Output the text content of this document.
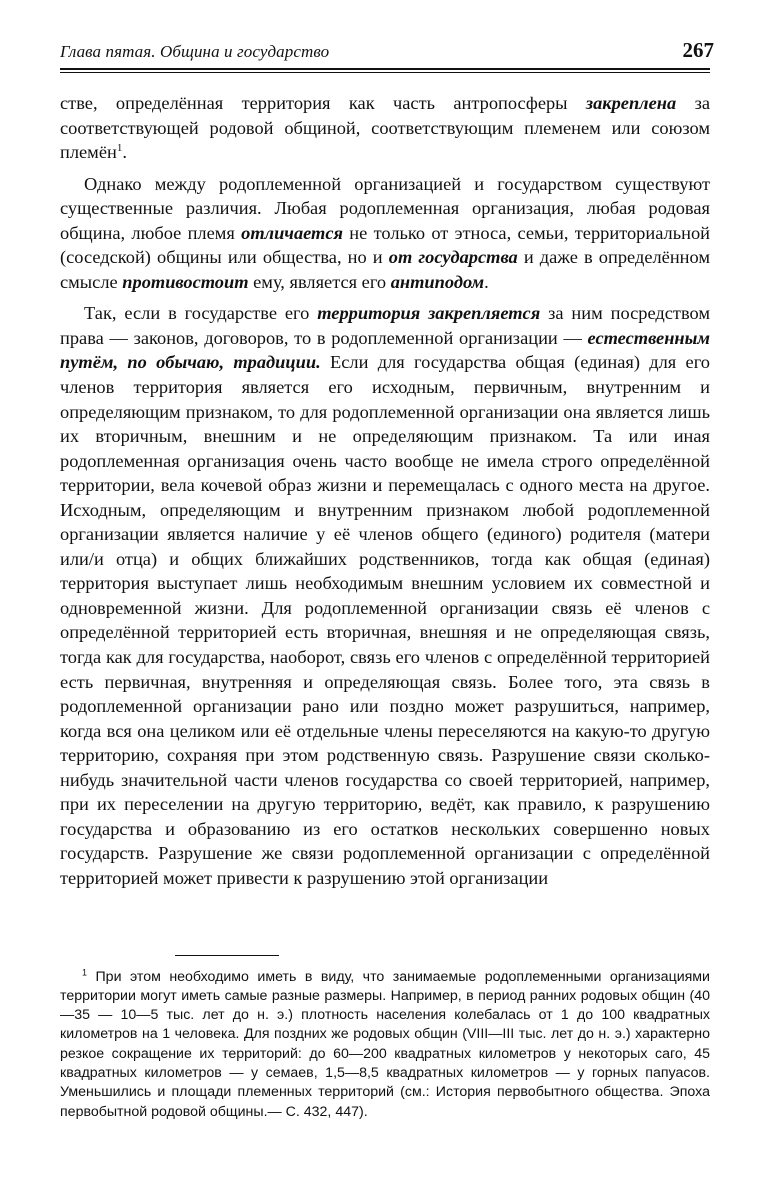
Глава пятая. Община и государство	267

стве, определённая территория как часть антропосферы закреплена за соответствующей родовой общиной, соответствующим племенем или союзом племён$^1$.

Однако между родоплеменной организацией и государством существуют существенные различия. Любая родоплеменная организация, любая родовая община, любое племя отличается не только от этноса, семьи, территориальной (соседской) общины или общества, но и от государства и даже в определённом смысле противостоит ему, является его антиподом.

Так, если в государстве его территория закрепляется за ним посредством права — законов, договоров, то в родоплеменной организации — естественным путём, по обычаю, традиции. Если для государства общая (единая) для его членов территория является его исходным, первичным, внутренним и определяющим признаком, то для родоплеменной организации она является лишь их вторичным, внешним и не определяющим признаком. Та или иная родоплеменная организация очень часто вообще не имела строго определённой территории, вела кочевой образ жизни и перемещалась с одного места на другое. Исходным, определяющим и внутренним признаком любой родоплеменной организации является наличие у её членов общего (единого) родителя (матери или/и отца) и общих ближайших родственников, тогда как общая (единая) территория выступает лишь необходимым внешним условием их совместной и одновременной жизни. Для родоплеменной организации связь её членов с определённой территорией есть вторичная, внешняя и не определяющая связь, тогда как для государства, наоборот, связь его членов с определённой территорией есть первичная, внутренняя и определяющая связь. Более того, эта связь в родоплеменной организации рано или поздно может разрушиться, например, когда вся она целиком или её отдельные члены переселяются на какую-то другую территорию, сохраняя при этом родственную связь. Разрушение связи сколько-нибудь значительной части членов государства со своей территорией, например, при их переселении на другую территорию, ведёт, как правило, к разрушению государства и образованию из его остатков нескольких совершенно новых государств. Разрушение же связи родоплеменной организации с определённой территорией может привести к разрушению этой организации

$^1$ При этом необходимо иметь в виду, что занимаемые родоплеменными организациями территории могут иметь самые разные размеры. Например, в период ранних родовых общин (40—35 — 10—5 тыс. лет до н. э.) плотность населения колебалась от 1 до 100 квадратных километров на 1 человека. Для поздних же родовых общин (VIII—III тыс. лет до н. э.) характерно резкое сокращение их территорий: до 60—200 квадратных километров у некоторых саго, 45 квадратных километров — у семаев, 1,5—8,5 квадратных километров — у горных папуасов. Уменьшились и площади племенных территорий (см.: История первобытного общества. Эпоха первобытной родовой общины.— С. 432, 447).
